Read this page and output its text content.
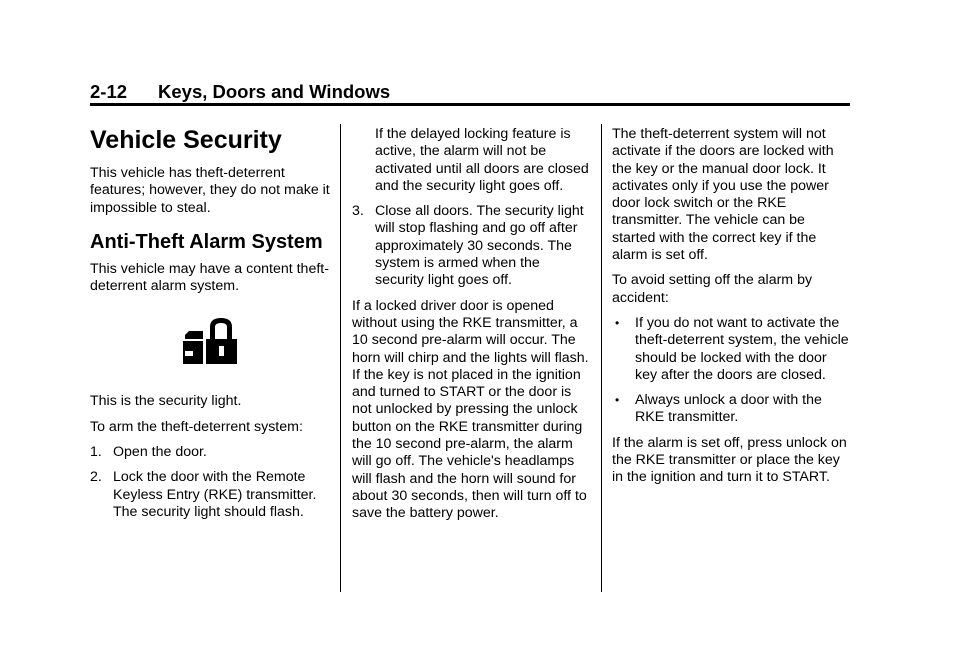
2-12 Keys, Doors and Windows
Vehicle Security

This vehicle has theft-deterrent features; however, they do not make it impossible to steal.

Anti-Theft Alarm System

This vehicle may have a content theft-deterrent alarm system.

This is the security light.

To arm the theft-deterrent system:

1. Open the door.
2. Lock the door with the Remote Keyless Entry (RKE) transmitter. The security light should flash.
If the delayed locking feature is active, the alarm will not be activated until all doors are closed and the security light goes off.
3. Close all doors. The security light will stop flashing and go off after approximately 30 seconds. The system is armed when the security light goes off.

If a locked driver door is opened without using the RKE transmitter, a 10 second pre-alarm will occur. The horn will chirp and the lights will flash. If the key is not placed in the ignition and turned to START or the door is not unlocked by pressing the unlock button on the RKE transmitter during the 10 second pre-alarm, the alarm will go off. The vehicle's headlamps will flash and the horn will sound for about 30 seconds, then will turn off to save the battery power.

The theft-deterrent system will not activate if the doors are locked with the key or the manual door lock. It activates only if you use the power door lock switch or the RKE transmitter. The vehicle can be started with the correct key if the alarm is set off.

To avoid setting off the alarm by accident:

• If you do not want to activate the theft-deterrent system, the vehicle should be locked with the door key after the doors are closed.
• Always unlock a door with the RKE transmitter.

If the alarm is set off, press unlock on the RKE transmitter or place the key in the ignition and turn it to START.
